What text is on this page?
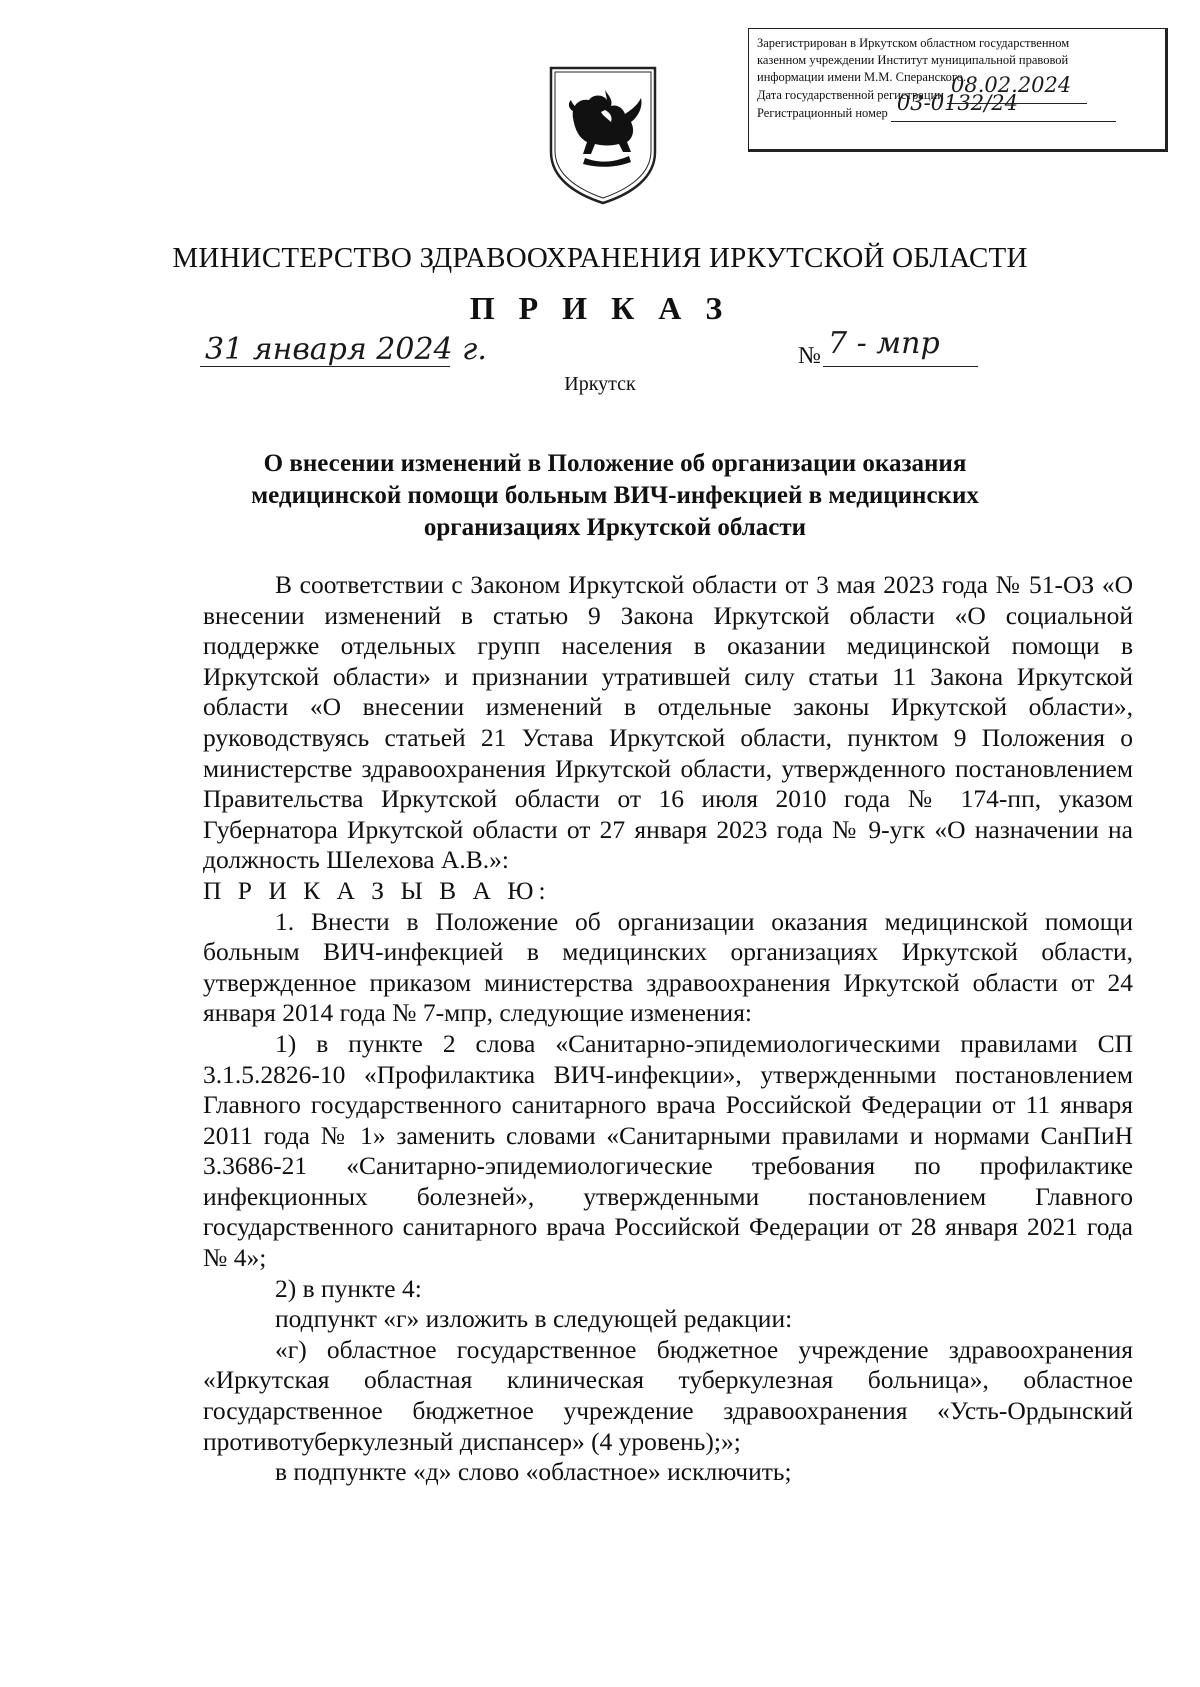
Зарегистрирован в Иркутском областном государственном
казенном учреждении Институт муниципальной правовой
информации имени М.М. Сперанского.
Дата государственной регистрации 08.02.2024

Регистрационный номер 03-0132/24

МИНИСТЕРСТВО ЗДРАВООХРАНЕНИЯ ИРКУТСКОЙ ОБЛАСТИ
П Р И К А З
31 января 2024 г.	№ 7 - мпр
Иркутск
О внесении изменений в Положение об организации оказания
медицинской помощи больным ВИЧ-инфекцией в медицинских
организациях Иркутской области

В соответствии с Законом Иркутской области от 3 мая 2023 года № 51-ОЗ «О внесении изменений в статью 9 Закона Иркутской области «О социальной поддержке отдельных групп населения в оказании медицинской помощи в Иркутской области» и признании утратившей силу статьи 11 Закона Иркутской области «О внесении изменений в отдельные законы Иркутской области», руководствуясь статьей 21 Устава Иркутской области, пунктом 9 Положения о министерстве здравоохранения Иркутской области, утвержденного постановлением Правительства Иркутской области от 16 июля 2010 года № 174-пп, указом Губернатора Иркутской области от 27 января 2023 года № 9-угк «О назначении на должность Шелехова А.В.»:

П Р И К А З Ы В А Ю:

1. Внести в Положение об организации оказания медицинской помощи больным ВИЧ-инфекцией в медицинских организациях Иркутской области, утвержденное приказом министерства здравоохранения Иркутской области от 24 января 2014 года № 7-мпр, следующие изменения:

1) в пункте 2 слова «Санитарно-эпидемиологическими правилами СП 3.1.5.2826-10 «Профилактика ВИЧ-инфекции», утвержденными постановлением Главного государственного санитарного врача Российской Федерации от 11 января 2011 года № 1» заменить словами «Санитарными правилами и нормами СанПиН 3.3686-21 «Санитарно-эпидемиологические требования по профилактике инфекционных болезней», утвержденными постановлением Главного государственного санитарного врача Российской Федерации от 28 января 2021 года № 4»;

2) в пункте 4:

подпункт «г» изложить в следующей редакции:

«г) областное государственное бюджетное учреждение здравоохранения «Иркутская областная клиническая туберкулезная больница», областное государственное бюджетное учреждение здравоохранения «Усть-Ордынский противотуберкулезный диспансер» (4 уровень);»;

в подпункте «д» слово «областное» исключить;
